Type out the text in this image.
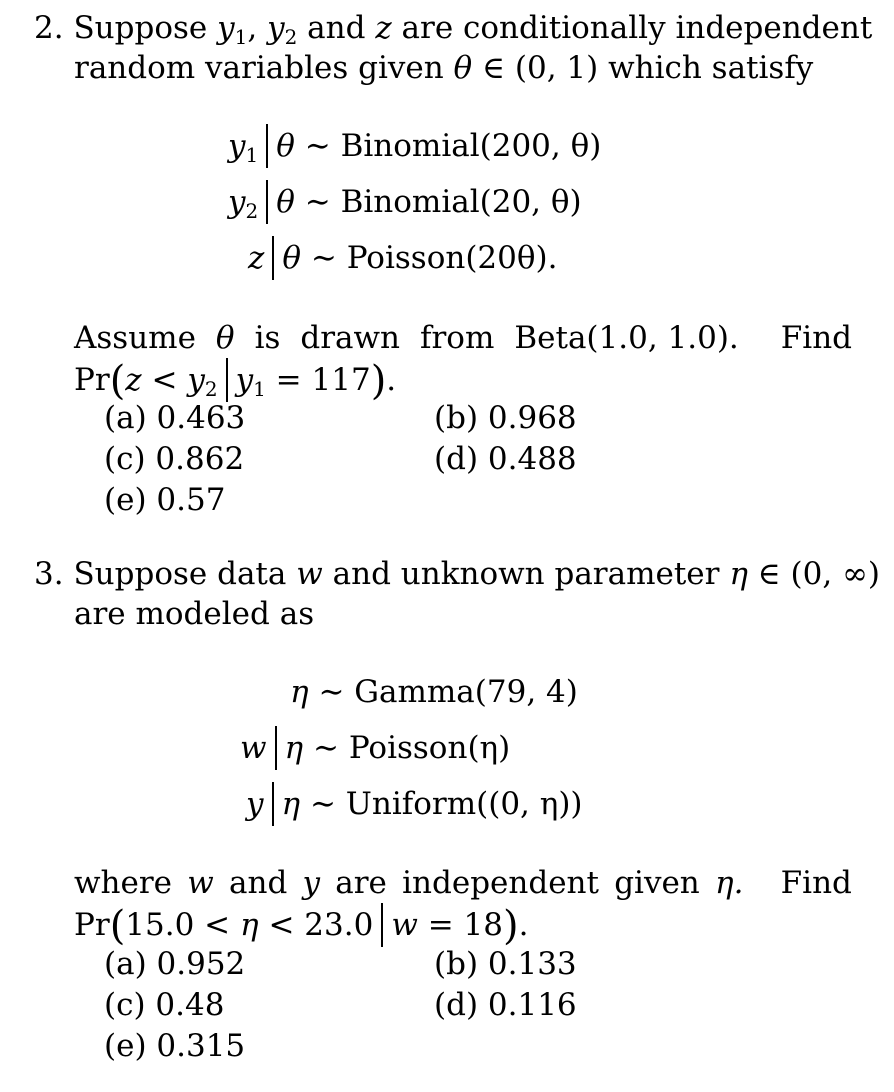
2. Suppose $y_1$, $y_2$ and z are conditionally independent
random variables given θ ∈ (0, 1) which satisfy
$y_1$ θ ∼ Binomial(200, θ)
$y_2$ θ ∼ Binomial(20, θ)
z θ ∼ Poisson(20θ).
Assume θ is drawn from Beta(1.0, 1.0). Find
$Pr(z < y_2$ $y_1 = 117$).
(a) 0.463	(b) 0.968
(c) 0.862	(d) 0.488
(e) 0.57
3. Suppose data w and unknown parameter η ∈ (0, ∞)
are modeled as
η ∼ Gamma(79, 4)
w η ∼ Poisson(η)
y η ∼ Uniform((0, η))
where w and y are independent given η. Find
Pr(15.0 < η < 23.0 w = 18).
(a) 0.952	(b) 0.133
(c) 0.48	(d) 0.116
(e) 0.315
